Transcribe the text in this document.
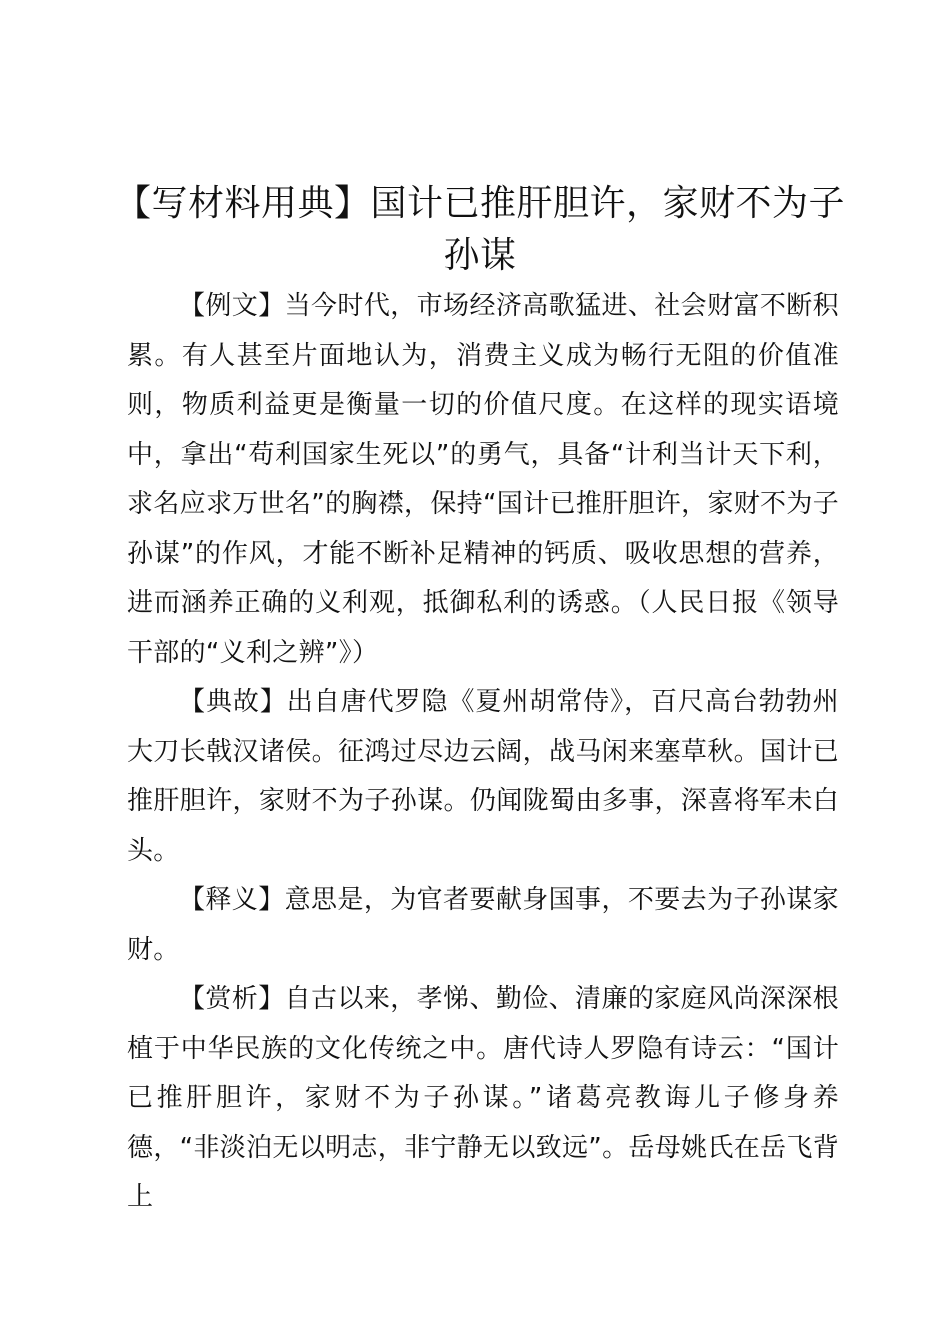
【写材料用典】国计已推肝胆许，家财不为子孙谋

【例文】当今时代，市场经济高歌猛进、社会财富不断积累。有人甚至片面地认为，消费主义成为畅行无阻的价值准则，物质利益更是衡量一切的价值尺度。在这样的现实语境中，拿出“苟利国家生死以”的勇气，具备“计利当计天下利，求名应求万世名”的胸襟，保持“国计已推肝胆许，家财不为子孙谋”的作风，才能不断补足精神的钙质、吸收思想的营养，进而涵养正确的义利观，抵御私利的诱惑。（人民日报《领导干部的“义利之辨”》）

【典故】出自唐代罗隐《夏州胡常侍》，百尺高台勃勃州大刀长戟汉诸侯。征鸿过尽边云阔，战马闲来塞草秋。国计已推肝胆许，家财不为子孙谋。仍闻陇蜀由多事，深喜将军未白头。

【释义】意思是，为官者要献身国事，不要去为子孙谋家财。

【赏析】自古以来，孝悌、勤俭、清廉的家庭风尚深深根植于中华民族的文化传统之中。唐代诗人罗隐有诗云：“国计已推肝胆许，家财不为子孙谋。”诸葛亮教诲儿子修身养德，“非淡泊无以明志，非宁静无以致远”。岳母姚氏在岳飞背上
